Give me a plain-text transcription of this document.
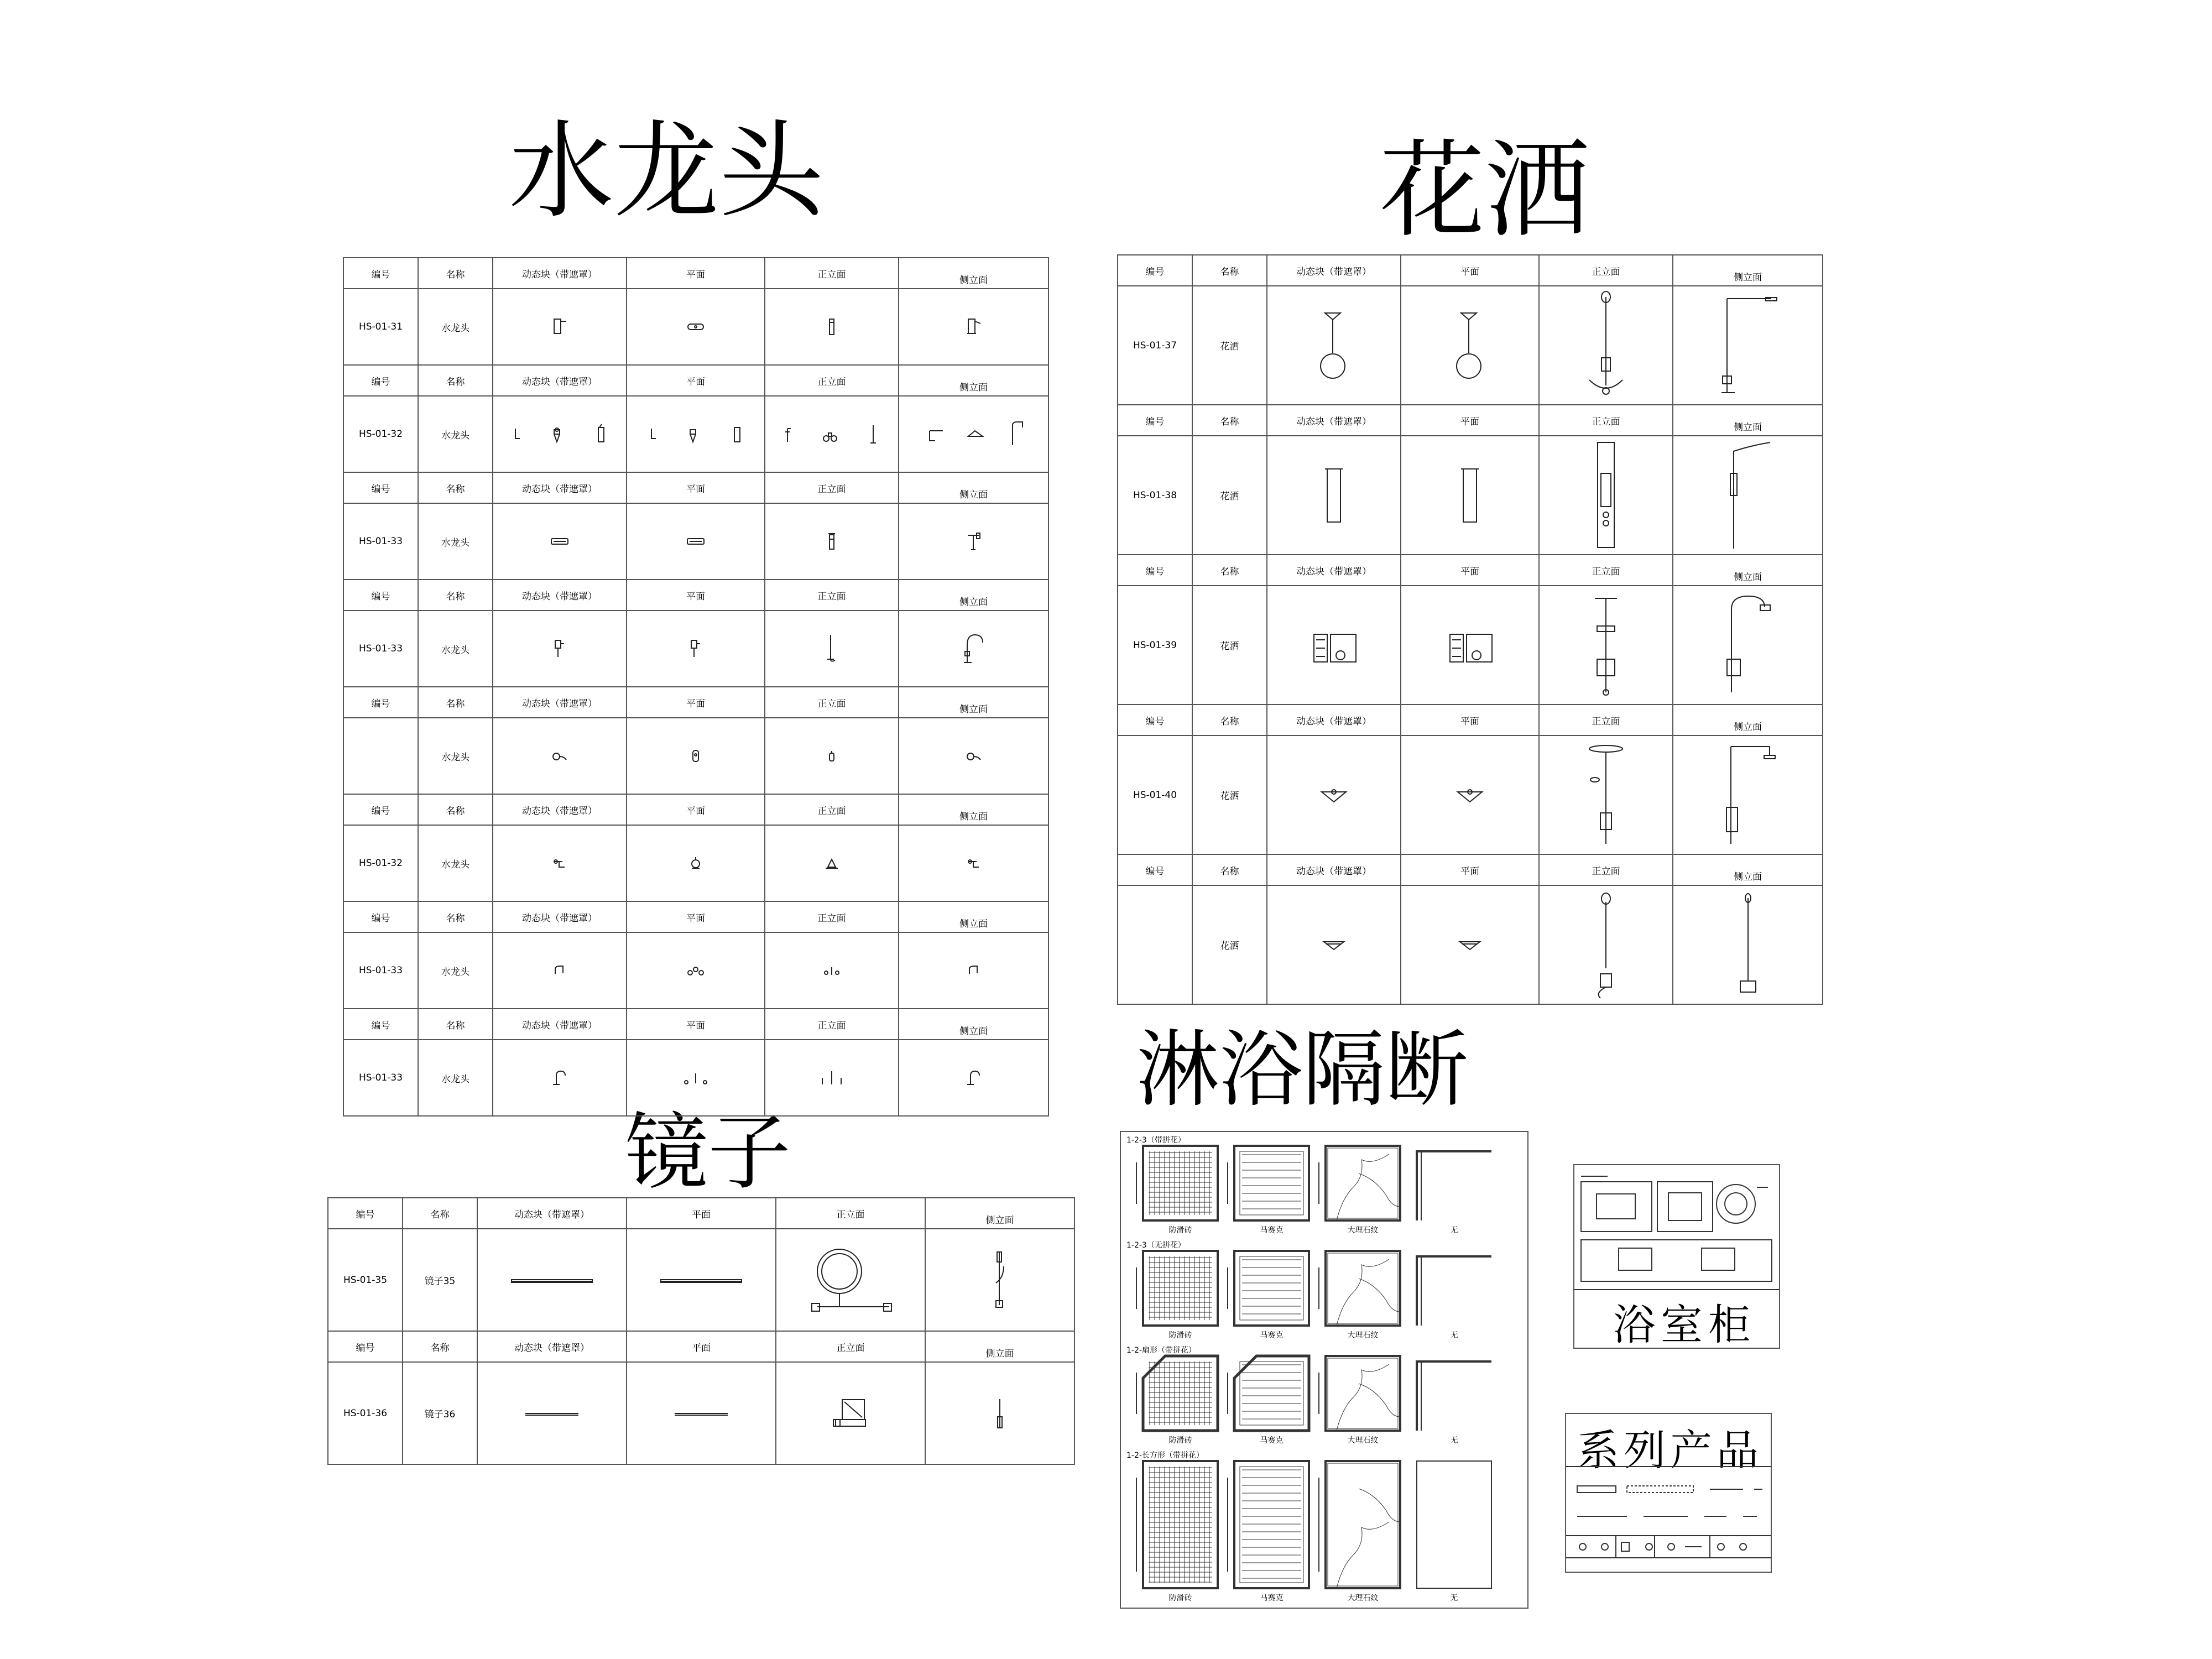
水龙头	花洒
镜子
淋浴隔断
编号	名称	动态块（带遮罩）	平面	正立面	侧立面
HS-01-31	水龙头	

编号	名称	动态块（带遮罩）	平面	正立面	侧立面
HS-01-32	水龙头	

编号	名称	动态块（带遮罩）	平面	正立面	侧立面
HS-01-33	水龙头	

编号	名称	动态块（带遮罩）	平面	正立面	侧立面
HS-01-33	水龙头	

编号	名称	动态块（带遮罩）	平面	正立面	侧立面
	水龙头	

编号	名称	动态块（带遮罩）	平面	正立面	侧立面
HS-01-32	水龙头	

编号	名称	动态块（带遮罩）	平面	正立面	侧立面
HS-01-33	水龙头	

编号	名称	动态块（带遮罩）	平面	正立面	侧立面
HS-01-33	水龙头	

编号	名称	动态块（带遮罩）	平面	正立面	侧立面
HS-01-37	花洒	

编号	名称	动态块（带遮罩）	平面	正立面	侧立面
HS-01-38	花洒	

编号	名称	动态块（带遮罩）	平面	正立面	侧立面
HS-01-39	花洒	

编号	名称	动态块（带遮罩）	平面	正立面	侧立面
HS-01-40	花洒	

编号	名称	动态块（带遮罩）	平面	正立面	侧立面
	花洒	

编号	名称	动态块（带遮罩）	平面	正立面	侧立面
HS-01-35	镜子35	

编号	名称	动态块（带遮罩）	平面	正立面	侧立面
HS-01-36	镜子36	

1-2-3（带拼花）
防滑砖	马赛克	大理石纹	无
1-2-3（无拼花）
防滑砖	马赛克	大理石纹	无
1-2-扇形（带拼花）
防滑砖	马赛克	大理石纹	无
1-2-长方形（带拼花）
防滑砖	马赛克	大理石纹	无
浴室柜
系列产品
